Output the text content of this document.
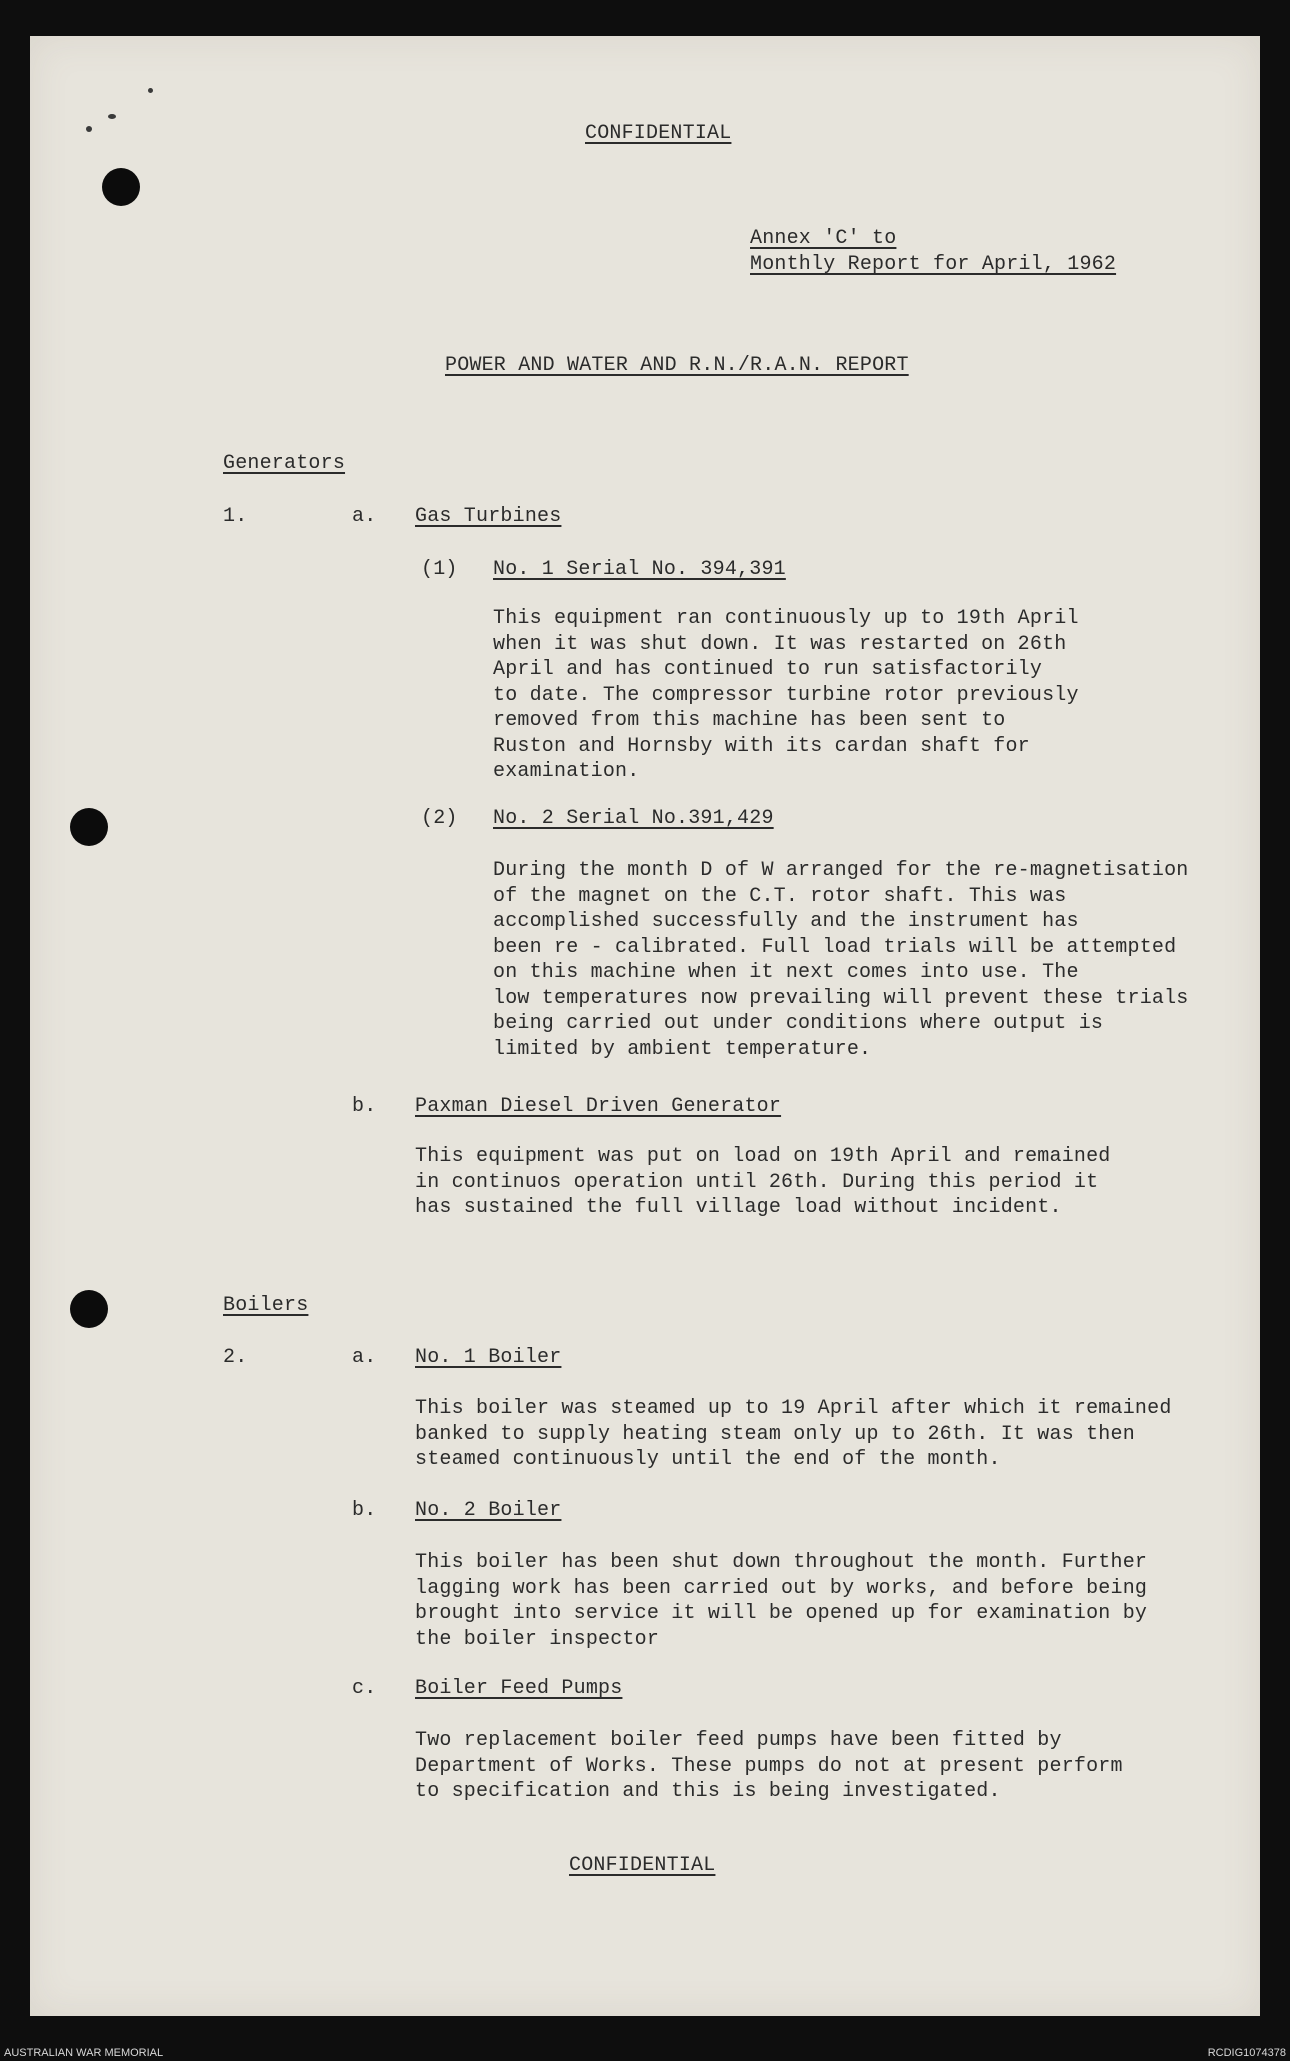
CONFIDENTIAL
Annex 'C' to
Monthly Report for April, 1962
POWER AND WATER AND R.N./R.A.N. REPORT
Generators
1.	a. Gas Turbines
(1) No. 1 Serial No. 394,391
This equipment ran continuously up to 19th April
when it was shut down. It was restarted on 26th
April and has continued to run satisfactorily
to date. The compressor turbine rotor previously
removed from this machine has been sent to
Ruston and Hornsby with its cardan shaft for
examination.
(2) No. 2 Serial No.391,429
During the month D of W arranged for the re-magnetisation
of the magnet on the C.T. rotor shaft. This was
accomplished successfully and the instrument has
been re - calibrated. Full load trials will be attempted
on this machine when it next comes into use. The
low temperatures now prevailing will prevent these trials
being carried out under conditions where output is
limited by ambient temperature.
b. Paxman Diesel Driven Generator
This equipment was put on load on 19th April and remained
in continuos operation until 26th. During this period it
has sustained the full village load without incident.
Boilers
2.	a. No. 1 Boiler
This boiler was steamed up to 19 April after which it remained
banked to supply heating steam only up to 26th. It was then
steamed continuously until the end of the month.
b. No. 2 Boiler
This boiler has been shut down throughout the month. Further
lagging work has been carried out by works, and before being
brought into service it will be opened up for examination by
the boiler inspector
c. Boiler Feed Pumps
Two replacement boiler feed pumps have been fitted by
Department of Works. These pumps do not at present perform
to specification and this is being investigated.
CONFIDENTIAL
AUSTRALIAN WAR MEMORIAL	RCDIG1074378
